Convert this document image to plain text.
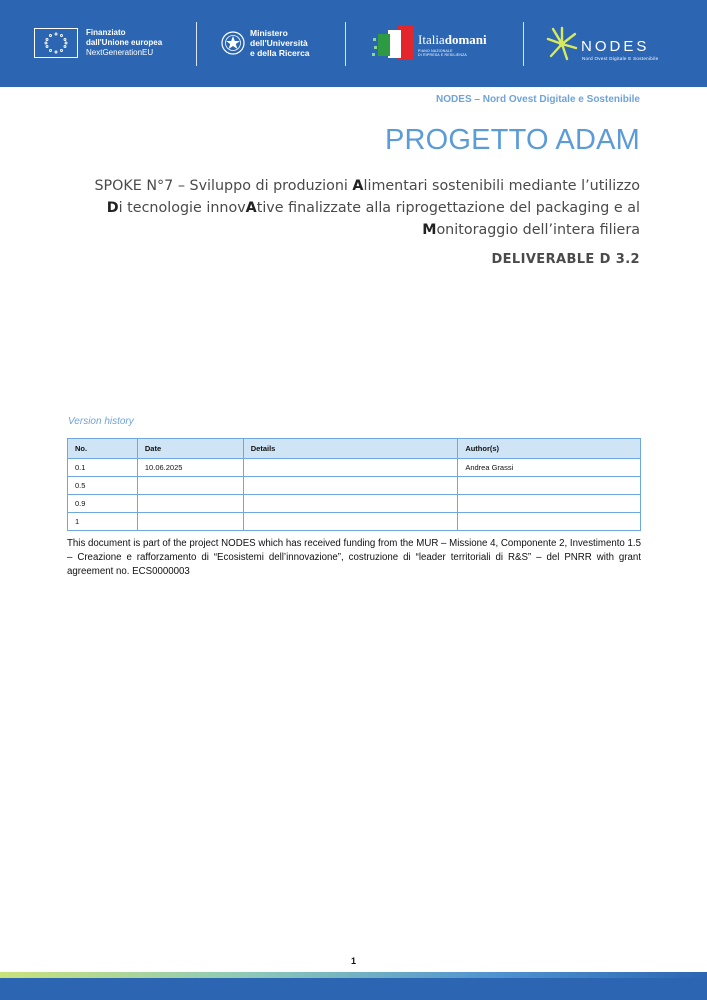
Finanziato
dall'Unione europea
NextGenerationEU
Ministero
dell'Università
e della Ricerca
Italiadomani
PIANO NAZIONALE
DI RIPRESA E RESILIENZA	NODES
Nord Ovest Digitale E Sostenibile
NODES – Nord Ovest Digitale e Sostenibile
PROGETTO ADAM
SPOKE N°7 – Sviluppo di produzioni Alimentari sostenibili mediante l’utilizzo Di tecnologie innovAtive finalizzate alla riprogettazione del packaging e al Monitoraggio dell’intera filiera
DELIVERABLE D 3.2
Version history
No.	Date	Details	Author(s)
0.1	10.06.2025		Andrea Grassi
0.5			
0.9			
1			
This document is part of the project NODES which has received funding from the MUR – Missione 4, Componente 2, Investimento 1.5 – Creazione e rafforzamento di “Ecosistemi dell’innovazione”, costruzione di “leader territoriali di R&S” – del PNRR with grant agreement no. ECS0000003
1
